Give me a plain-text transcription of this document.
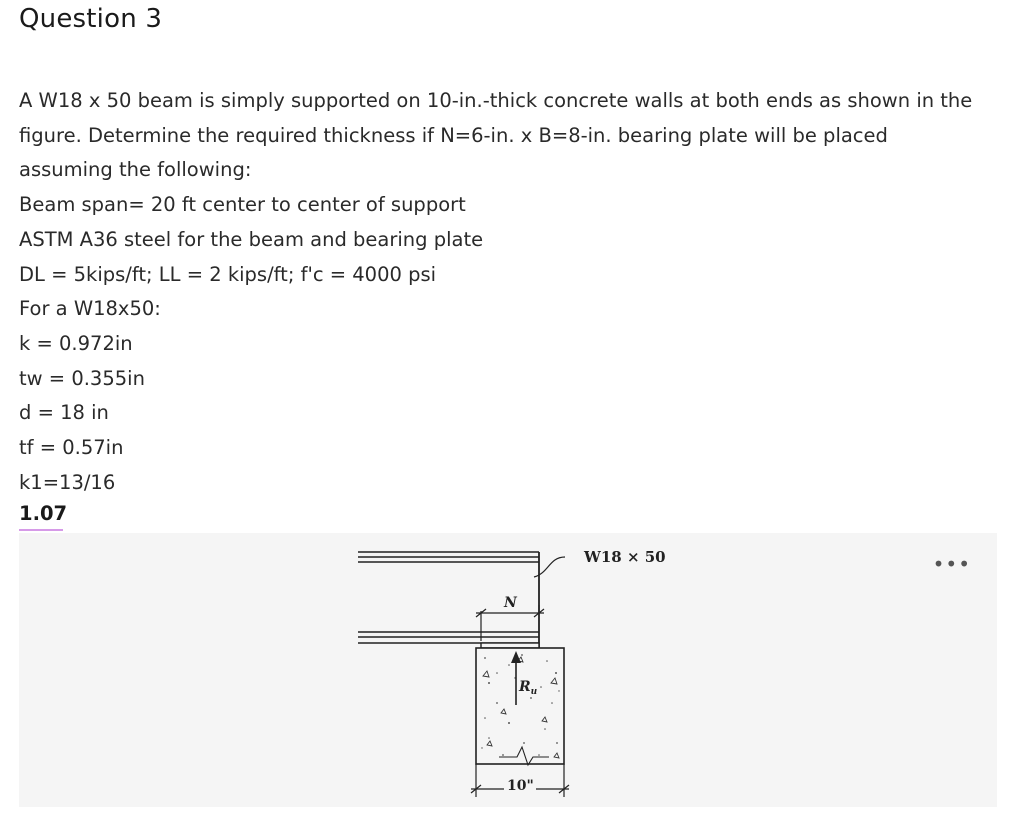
Question 3
A W18 x 50 beam is simply supported on 10-in.-thick concrete walls at both ends as shown in the
figure. Determine the required thickness if N=6-in. x B=8-in. bearing plate will be placed
assuming the following:
Beam span= 20 ft center to center of support
ASTM A36 steel for the beam and bearing plate
DL = 5kips/ft; LL = 2 kips/ft; f'c = 4000 psi
For a W18x50:
k = 0.972in
tw = 0.355in
d = 18 in
tf = 0.57in
k1=13/16
1.07
•••
W18 × 50
N
$R_u$
10"
